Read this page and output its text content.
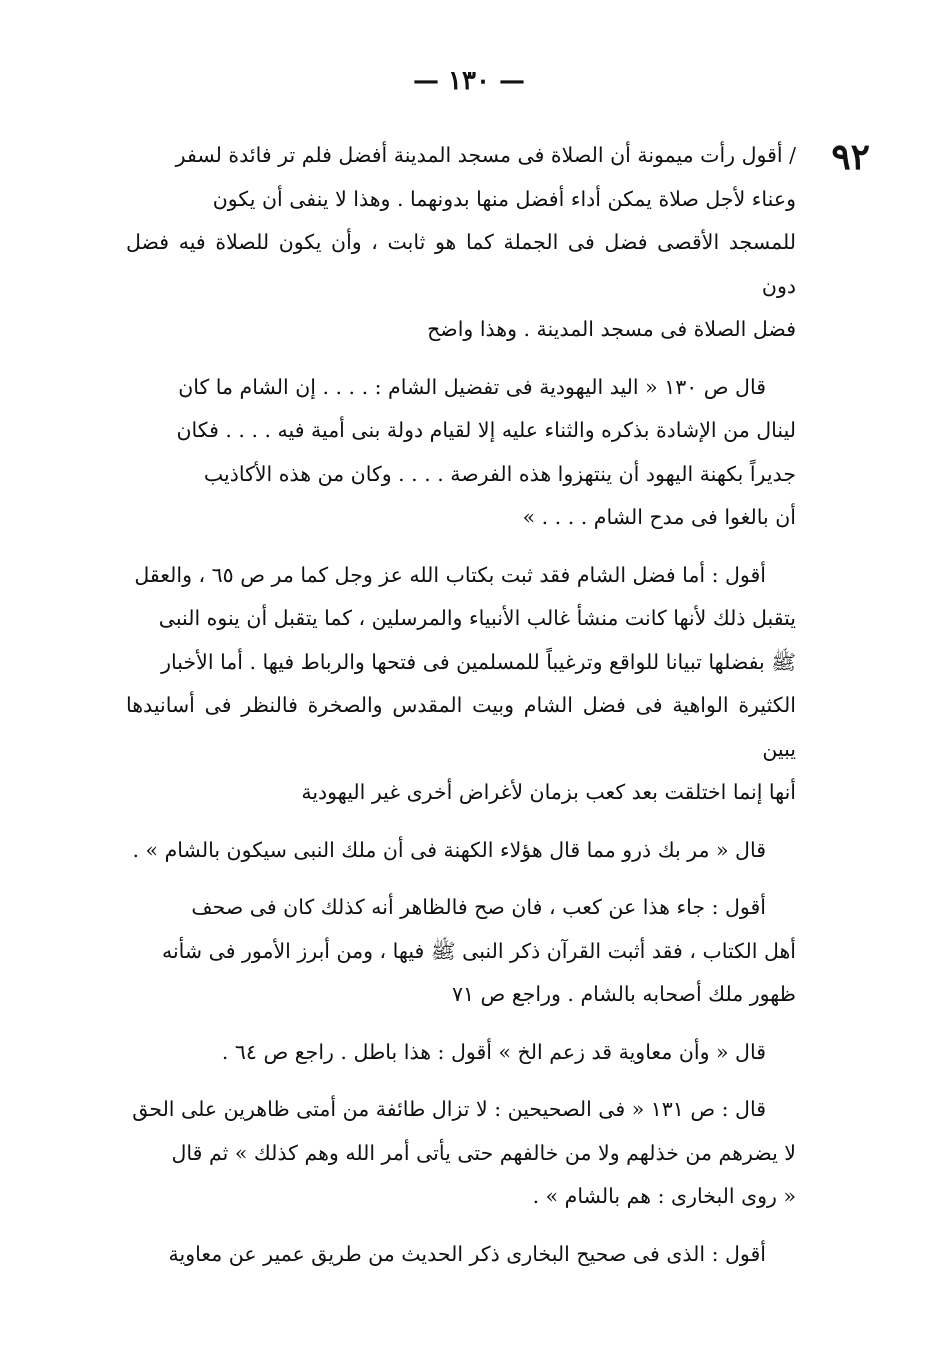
— ١٣٠ —
٩٢

/ أقول رأت ميمونة أن الصلاة فى مسجد المدينة أفضل فلم تر فائدة لسفر
وعناء لأجل صلاة يمكن أداء أفضل منها بدونهما . وهذا لا ينفى أن يكون
للمسجد الأقصى فضل فى الجملة كما هو ثابت ، وأن يكون للصلاة فيه فضل دون
فضل الصلاة فى مسجد المدينة . وهذا واضح

قال ص ١٣٠ « اليد اليهودية فى تفضيل الشام : . . . . إن الشام ما كان
لينال من الإشادة بذكره والثناء عليه إلا لقيام دولة بنى أمية فيه . . . . فكان
جديراً بكهنة اليهود أن ينتهزوا هذه الفرصة . . . . وكان من هذه الأكاذيب
أن بالغوا فى مدح الشام . . . . »

أقول : أما فضل الشام فقد ثبت بكتاب الله عز وجل كما مر ص ٦٥ ، والعقل
يتقبل ذلك لأنها كانت منشأ غالب الأنبياء والمرسلين ، كما يتقبل أن ينوه النبى
ﷺ بفضلها تبيانا للواقع وترغيباً للمسلمين فى فتحها والرباط فيها . أما الأخبار
الكثيرة الواهية فى فضل الشام وبيت المقدس والصخرة فالنظر فى أسانيدها يبين
أنها إنما اختلقت بعد كعب بزمان لأغراض أخرى غير اليهودية

قال « مر بك ذرو مما قال هؤلاء الكهنة فى أن ملك النبى سيكون بالشام » .

أقول : جاء هذا عن كعب ، فان صح فالظاهر أنه كذلك كان فى صحف
أهل الكتاب ، فقد أثبت القرآن ذكر النبى ﷺ فيها ، ومن أبرز الأمور فى شأنه
ظهور ملك أصحابه بالشام . وراجع ص ٧١

قال « وأن معاوية قد زعم الخ » أقول : هذا باطل . راجع ص ٦٤ .

قال : ص ١٣١ « فى الصحيحين : لا تزال طائفة من أمتى ظاهرين على الحق
لا يضرهم من خذلهم ولا من خالفهم حتى يأتى أمر الله وهم كذلك » ثم قال
« روى البخارى : هم بالشام » .

أقول : الذى فى صحيح البخارى ذكر الحديث من طريق عمير عن معاوية
